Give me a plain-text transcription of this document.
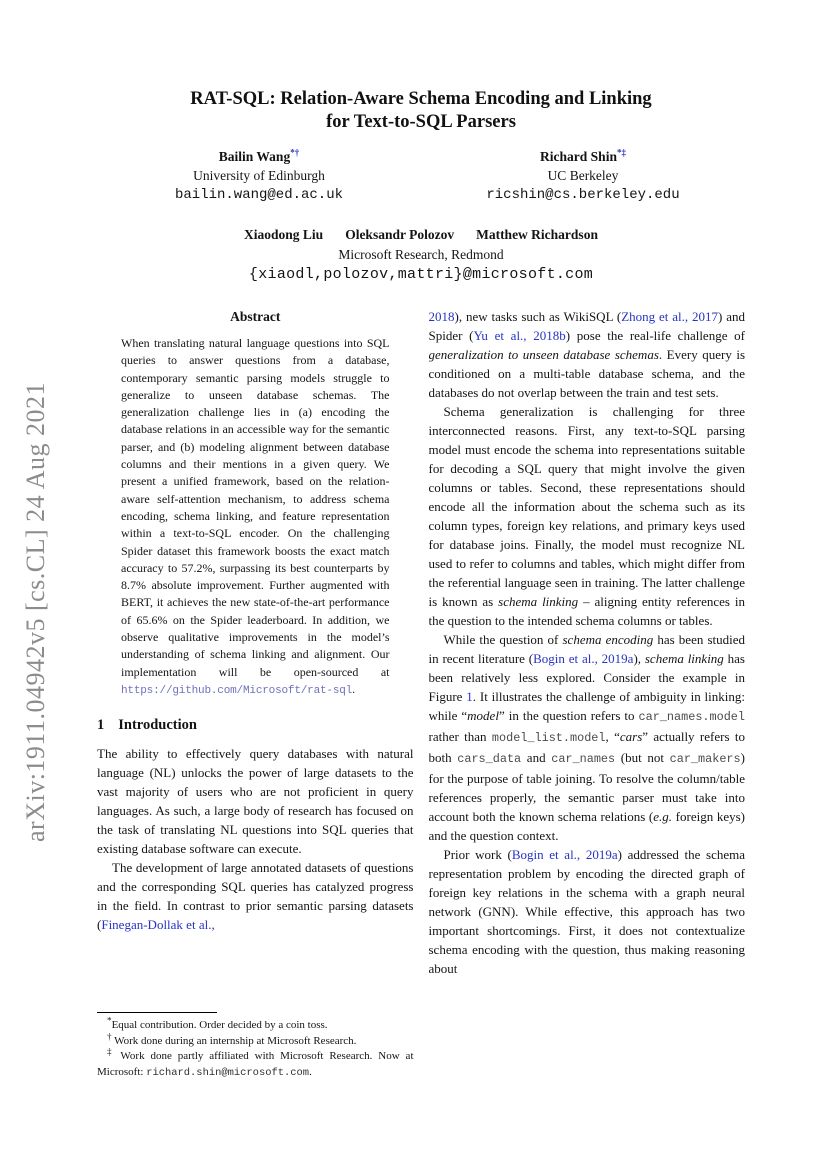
arXiv:1911.04942v5 [cs.CL] 24 Aug 2021
RAT-SQL: Relation-Aware Schema Encoding and Linking
for Text-to-SQL Parsers
Bailin Wang*†
University of Edinburgh
bailin.wang@ed.ac.uk
Richard Shin*‡
UC Berkeley
ricshin@cs.berkeley.edu
Xiaodong Liu Oleksandr Polozov Matthew Richardson
Microsoft Research, Redmond
{xiaodl,polozov,mattri}@microsoft.com
Abstract

When translating natural language questions into SQL queries to answer questions from a database, contemporary semantic parsing models struggle to generalize to unseen database schemas. The generalization challenge lies in (a) encoding the database relations in an accessible way for the semantic parser, and (b) modeling alignment between database columns and their mentions in a given query. We present a unified framework, based on the relation-aware self-attention mechanism, to address schema encoding, schema linking, and feature representation within a text-to-SQL encoder. On the challenging Spider dataset this framework boosts the exact match accuracy to 57.2%, surpassing its best counterparts by 8.7% absolute improvement. Further augmented with BERT, it achieves the new state-of-the-art performance of 65.6% on the Spider leaderboard. In addition, we observe qualitative improvements in the model’s understanding of schema linking and alignment. Our implementation will be open-sourced at https://github.com/Microsoft/rat-sql.

1 Introduction

The ability to effectively query databases with natural language (NL) unlocks the power of large datasets to the vast majority of users who are not proficient in query languages. As such, a large body of research has focused on the task of translating NL questions into SQL queries that existing database software can execute.

The development of large annotated datasets of questions and the corresponding SQL queries has catalyzed progress in the field. In contrast to prior semantic parsing datasets (Finegan-Dollak et al.,

*Equal contribution. Order decided by a coin toss.

† Work done during an internship at Microsoft Research.

‡ Work done partly affiliated with Microsoft Research. Now at Microsoft: richard.shin@microsoft.com.

2018), new tasks such as WikiSQL (Zhong et al., 2017) and Spider (Yu et al., 2018b) pose the real-life challenge of generalization to unseen database schemas. Every query is conditioned on a multi-table database schema, and the databases do not overlap between the train and test sets.

Schema generalization is challenging for three interconnected reasons. First, any text-to-SQL parsing model must encode the schema into representations suitable for decoding a SQL query that might involve the given columns or tables. Second, these representations should encode all the information about the schema such as its column types, foreign key relations, and primary keys used for database joins. Finally, the model must recognize NL used to refer to columns and tables, which might differ from the referential language seen in training. The latter challenge is known as schema linking – aligning entity references in the question to the intended schema columns or tables.

While the question of schema encoding has been studied in recent literature (Bogin et al., 2019a), schema linking has been relatively less explored. Consider the example in Figure 1. It illustrates the challenge of ambiguity in linking: while “model” in the question refers to car_names.model rather than model_list.model, “cars” actually refers to both cars_data and car_names (but not car_makers) for the purpose of table joining. To resolve the column/table references properly, the semantic parser must take into account both the known schema relations (e.g. foreign keys) and the question context.

Prior work (Bogin et al., 2019a) addressed the schema representation problem by encoding the directed graph of foreign key relations in the schema with a graph neural network (GNN). While effective, this approach has two important shortcomings. First, it does not contextualize schema encoding with the question, thus making reasoning about
